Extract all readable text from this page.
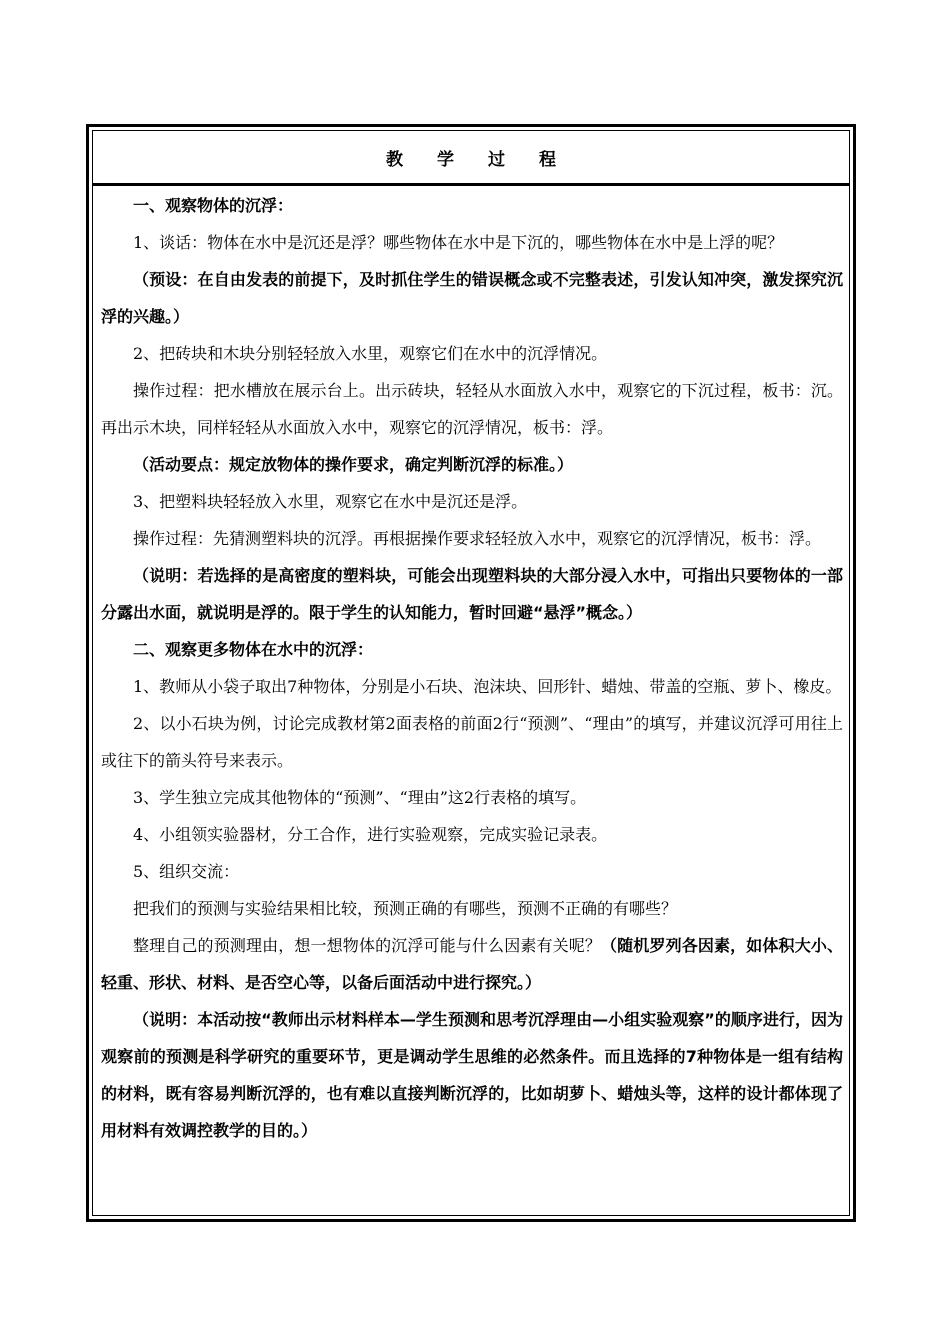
教学过程

一、观察物体的沉浮：

1、谈话：物体在水中是沉还是浮？哪些物体在水中是下沉的，哪些物体在水中是上浮的呢？

（预设：在自由发表的前提下，及时抓住学生的错误概念或不完整表述，引发认知冲突，激发探究沉浮的兴趣。）

2、把砖块和木块分别轻轻放入水里，观察它们在水中的沉浮情况。

操作过程：把水槽放在展示台上。出示砖块，轻轻从水面放入水中，观察它的下沉过程，板书：沉。再出示木块，同样轻轻从水面放入水中，观察它的沉浮情况，板书：浮。

（活动要点：规定放物体的操作要求，确定判断沉浮的标准。）

3、把塑料块轻轻放入水里，观察它在水中是沉还是浮。

操作过程：先猜测塑料块的沉浮。再根据操作要求轻轻放入水中，观察它的沉浮情况，板书：浮。

（说明：若选择的是高密度的塑料块，可能会出现塑料块的大部分浸入水中，可指出只要物体的一部分露出水面，就说明是浮的。限于学生的认知能力，暂时回避“悬浮”概念。）

二、观察更多物体在水中的沉浮：

1、教师从小袋子取出7种物体，分别是小石块、泡沫块、回形针、蜡烛、带盖的空瓶、萝卜、橡皮。

2、以小石块为例，讨论完成教材第2面表格的前面2行“预测”、“理由”的填写，并建议沉浮可用往上或往下的箭头符号来表示。

3、学生独立完成其他物体的“预测”、“理由”这2行表格的填写。

4、小组领实验器材，分工合作，进行实验观察，完成实验记录表。

5、组织交流：

把我们的预测与实验结果相比较，预测正确的有哪些，预测不正确的有哪些？

整理自己的预测理由，想一想物体的沉浮可能与什么因素有关呢？（随机罗列各因素，如体积大小、轻重、形状、材料、是否空心等，以备后面活动中进行探究。）

（说明：本活动按“教师出示材料样本—学生预测和思考沉浮理由—小组实验观察”的顺序进行，因为观察前的预测是科学研究的重要环节，更是调动学生思维的必然条件。而且选择的7种物体是一组有结构的材料，既有容易判断沉浮的，也有难以直接判断沉浮的，比如胡萝卜、蜡烛头等，这样的设计都体现了用材料有效调控教学的目的。）
